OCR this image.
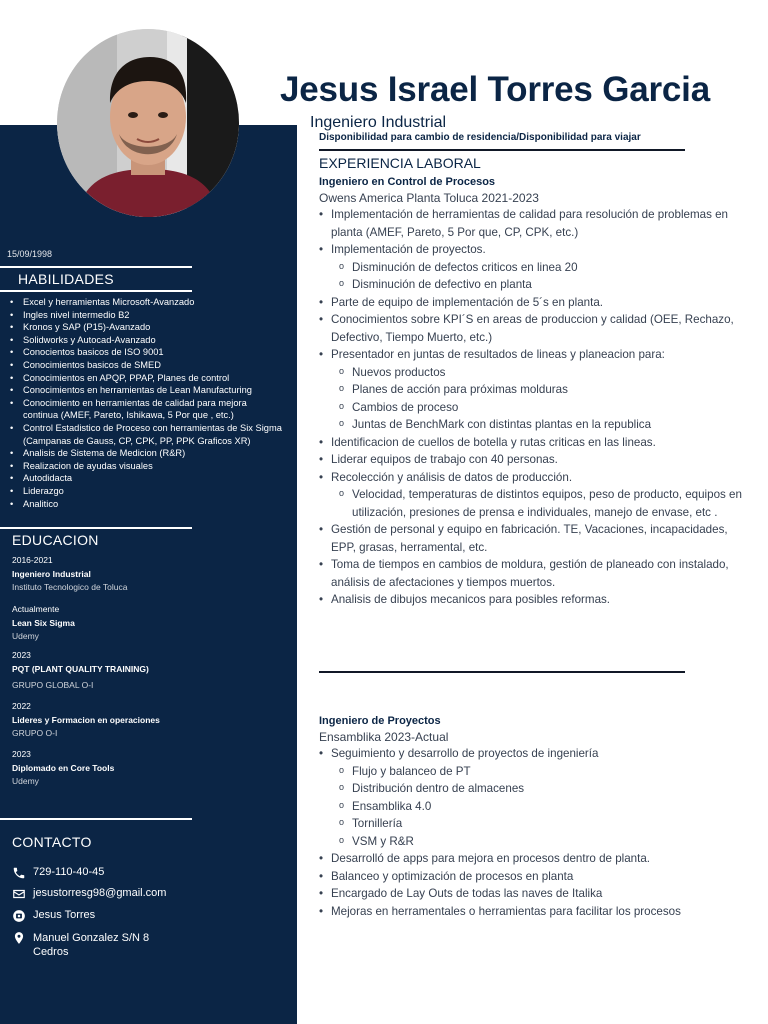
Jesus Israel Torres Garcia
Ingeniero Industrial
Disponibilidad para cambio de residencia/Disponibilidad para viajar
15/09/1998
HABILIDADES
• Excel y herramientas Microsoft-Avanzado
• Ingles nivel intermedio B2
• Kronos y SAP (P15)-Avanzado
• Solidworks y Autocad-Avanzado
• Conocientos basicos de ISO 9001
• Conocimientos basicos de SMED
• Conocimientos en APQP, PPAP, Planes de control
• Conocimientos en herramientas de Lean Manufacturing
• Conocimiento en herramientas de calidad para mejora continua (AMEF, Pareto, Ishikawa, 5 Por que , etc.)
• Control Estadistico de Proceso con herramientas de Six Sigma (Campanas de Gauss, CP, CPK, PP, PPK Graficos XR)
• Analisis de Sistema de Medicion (R&R)
• Realizacion de ayudas visuales
• Autodidacta
• Liderazgo
• Analitico
EDUCACION
2016-2021
Ingeniero Industrial
Instituto Tecnologico de Toluca
Actualmente
Lean Six Sigma
Udemy
2023
PQT (PLANT QUALITY TRAINING)
GRUPO GLOBAL O-I
2022
Lideres y Formacion en operaciones
GRUPO O-I
2023
Diplomado en Core Tools
Udemy
CONTACTO
729-110-40-45
jesustorresg98@gmail.com
Jesus Torres
Manuel Gonzalez S/N 8 Cedros
EXPERIENCIA LABORAL
Ingeniero en Control de Procesos
Owens America Planta Toluca 2021-2023
• Implementación de herramientas de calidad para resolución de problemas en planta (AMEF, Pareto, 5 Por que, CP, CPK, etc.)
• Implementación de proyectos.
o Disminución de defectos criticos en linea 20
o Disminución de defectivo en planta
• Parte de equipo de implementación de 5´s en planta.
• Conocimientos sobre KPI´S en areas de produccion y calidad (OEE, Rechazo, Defectivo, Tiempo Muerto, etc.)
• Presentador en juntas de resultados de lineas y planeacion para:
o Nuevos productos
o Planes de acción para próximas molduras
o Cambios de proceso
o Juntas de BenchMark con distintas plantas en la republica
• Identificacion de cuellos de botella y rutas criticas en las lineas.
• Liderar equipos de trabajo con 40 personas.
• Recolección y análisis de datos de producción.
o Velocidad, temperaturas de distintos equipos, peso de producto, equipos en utilización, presiones de prensa e individuales, manejo de envase, etc .
• Gestión de personal y equipo en fabricación. TE, Vacaciones, incapacidades, EPP, grasas, herramental, etc.
• Toma de tiempos en cambios de moldura, gestión de planeado con instalado, análisis de afectaciones y tiempos muertos.
• Analisis de dibujos mecanicos para posibles reformas.
Ingeniero de Proyectos
Ensamblika 2023-Actual
• Seguimiento y desarrollo de proyectos de ingeniería
o Flujo y balanceo de PT
o Distribución dentro de almacenes
o Ensamblika 4.0
o Tornillería
o VSM y R&R
• Desarrolló de apps para mejora en procesos dentro de planta.
• Balanceo y optimización de procesos en planta
• Encargado de Lay Outs de todas las naves de Italika
• Mejoras en herramentales o herramientas para facilitar los procesos
